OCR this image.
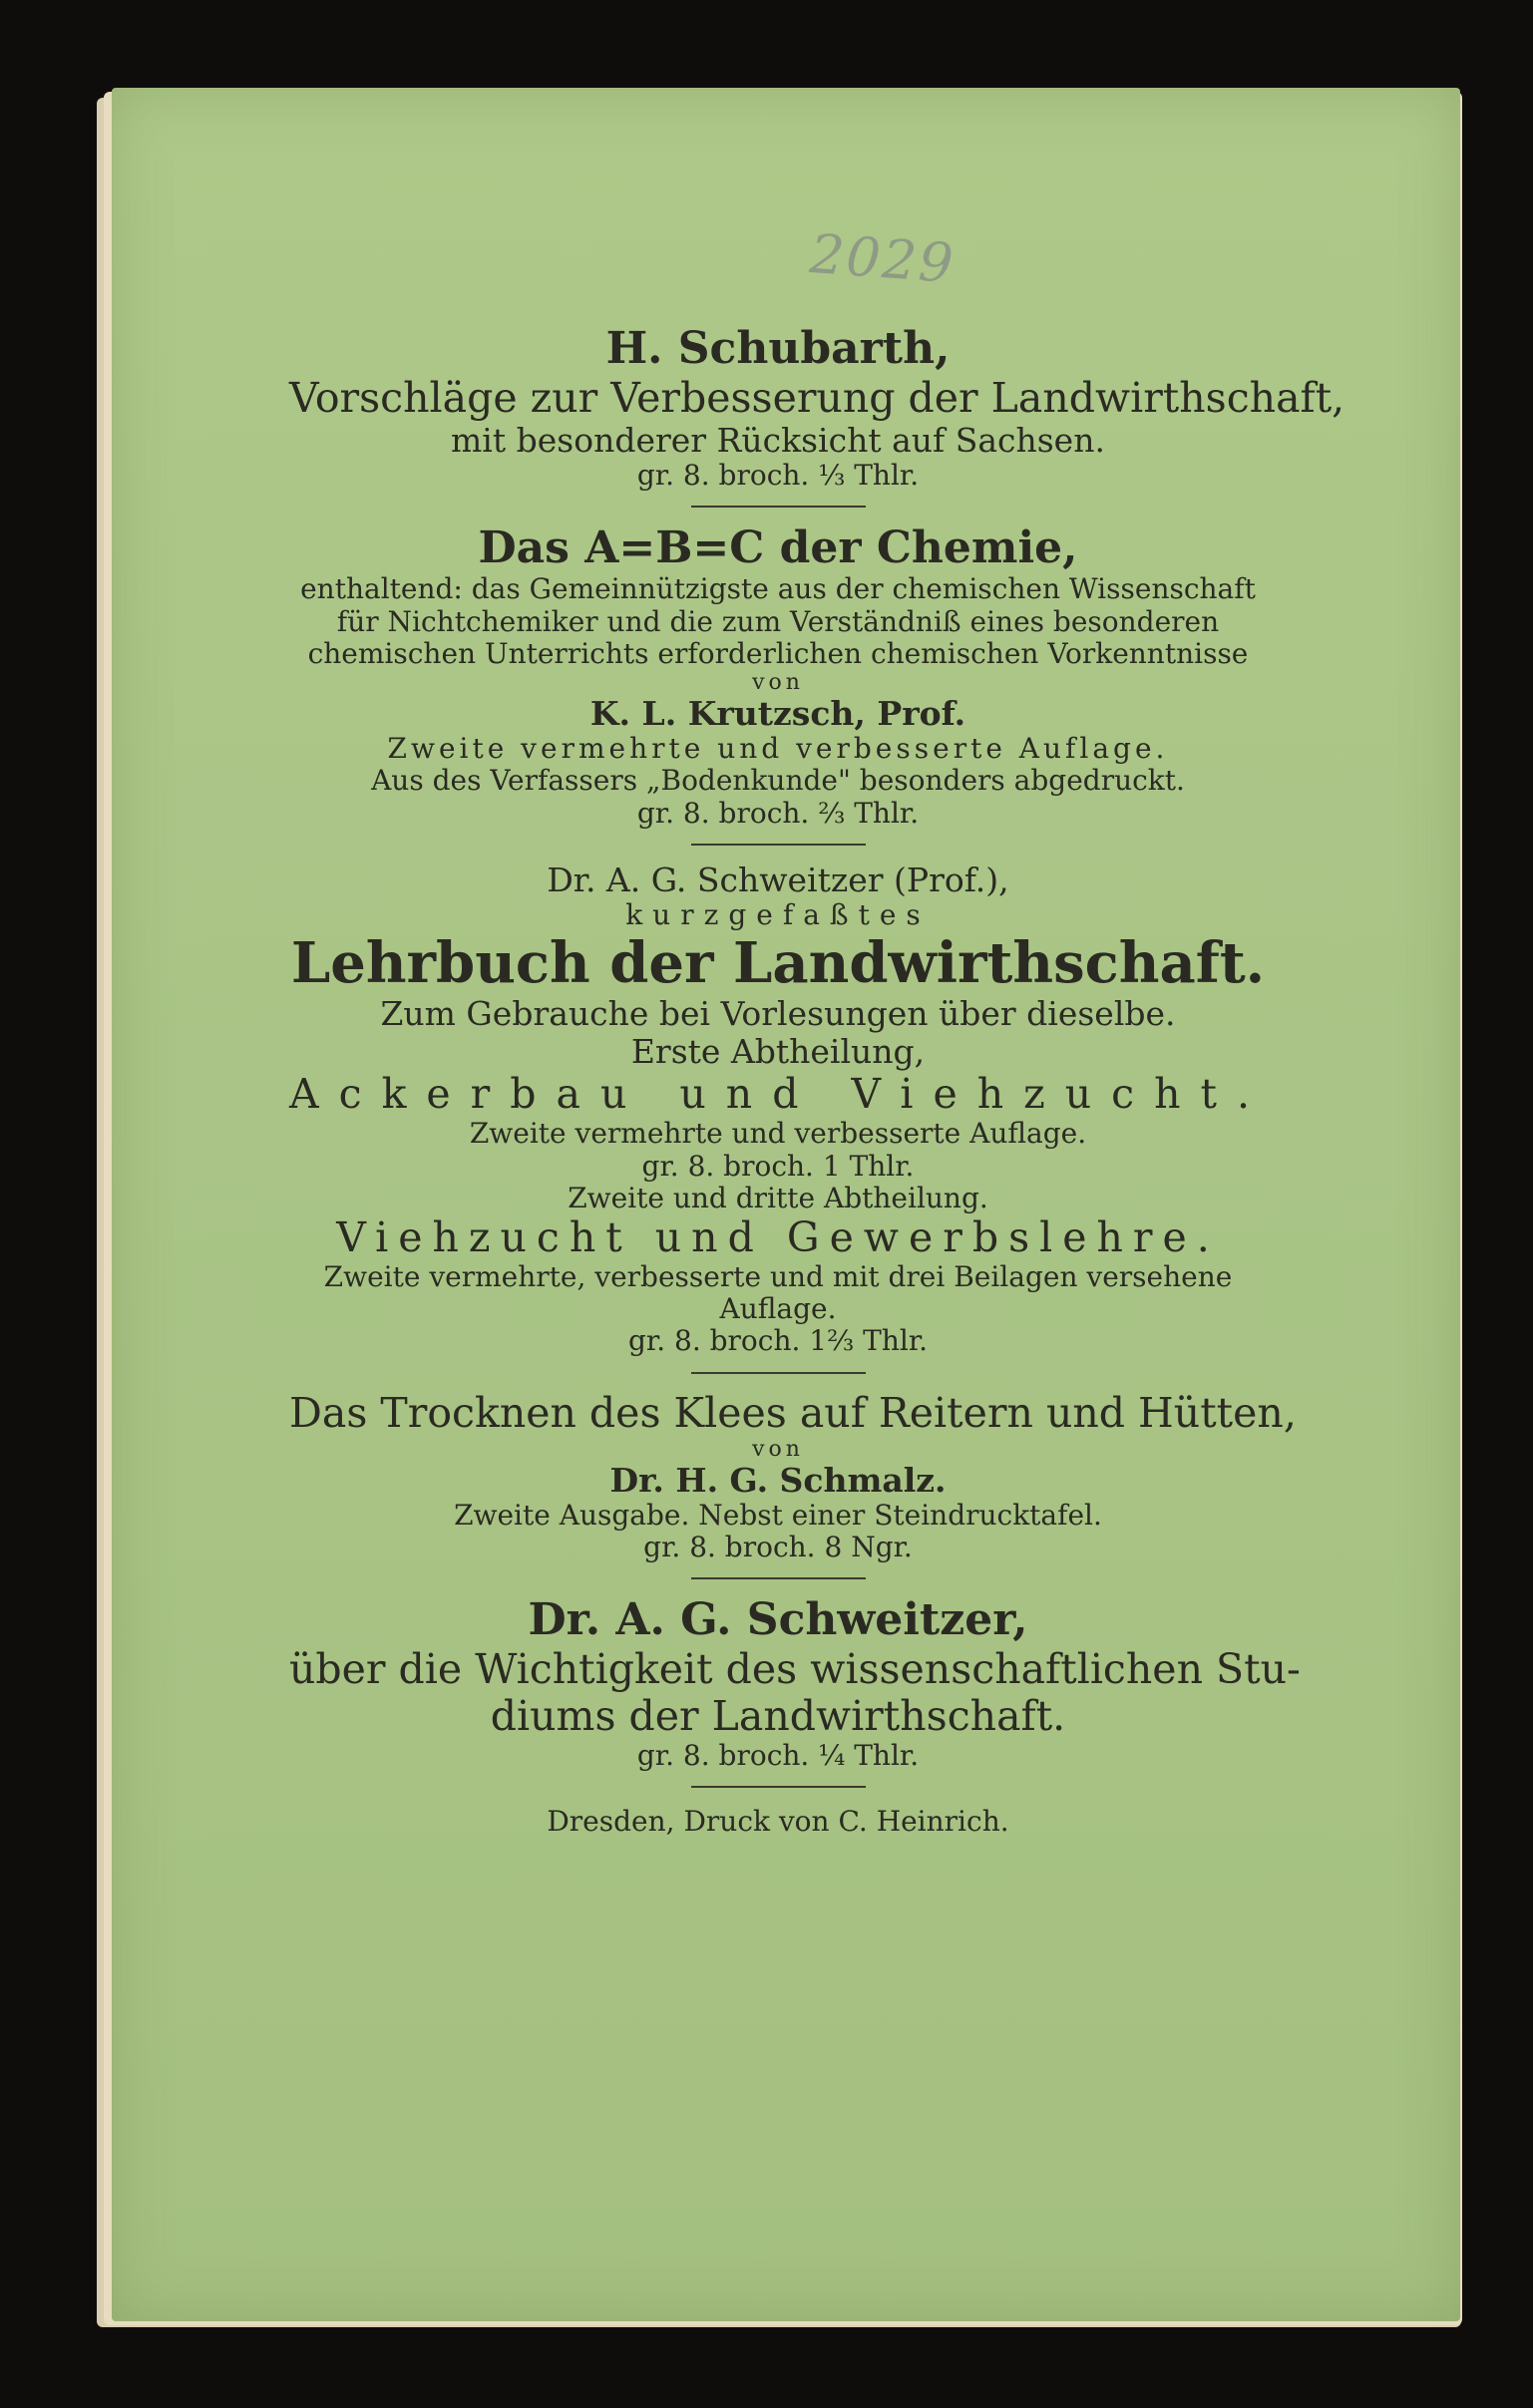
2029
H. Schubarth,
Vorschläge zur Verbesserung der Landwirthschaft,
mit besonderer Rücksicht auf Sachsen.
gr. 8. broch. ⅓ Thlr.
Das A=B=C der Chemie,
enthaltend: das Gemeinnützigste aus der chemischen Wissenschaft
für Nichtchemiker und die zum Verständniß eines besonderen
chemischen Unterrichts erforderlichen chemischen Vorkenntnisse
von
K. L. Krutzsch, Prof.
Zweite vermehrte und verbesserte Auflage.
Aus des Verfassers „Bodenkunde" besonders abgedruckt.
gr. 8. broch. ⅔ Thlr.
Dr. A. G. Schweitzer (Prof.),
kurzgefaßtes
Lehrbuch der Landwirthschaft.
Zum Gebrauche bei Vorlesungen über dieselbe.
Erste Abtheilung,
Ackerbau und Viehzucht.
Zweite vermehrte und verbesserte Auflage.
gr. 8. broch. 1 Thlr.
Zweite und dritte Abtheilung.
Viehzucht und Gewerbslehre.
Zweite vermehrte, verbesserte und mit drei Beilagen versehene
Auflage.
gr. 8. broch. 1⅔ Thlr.
Das Trocknen des Klees auf Reitern und Hütten,
von
Dr. H. G. Schmalz.
Zweite Ausgabe. Nebst einer Steindrucktafel.
gr. 8. broch. 8 Ngr.
Dr. A. G. Schweitzer,
über die Wichtigkeit des wissenschaftlichen Stu-
diums der Landwirthschaft.
gr. 8. broch. ¼ Thlr.
Dresden, Druck von C. Heinrich.
